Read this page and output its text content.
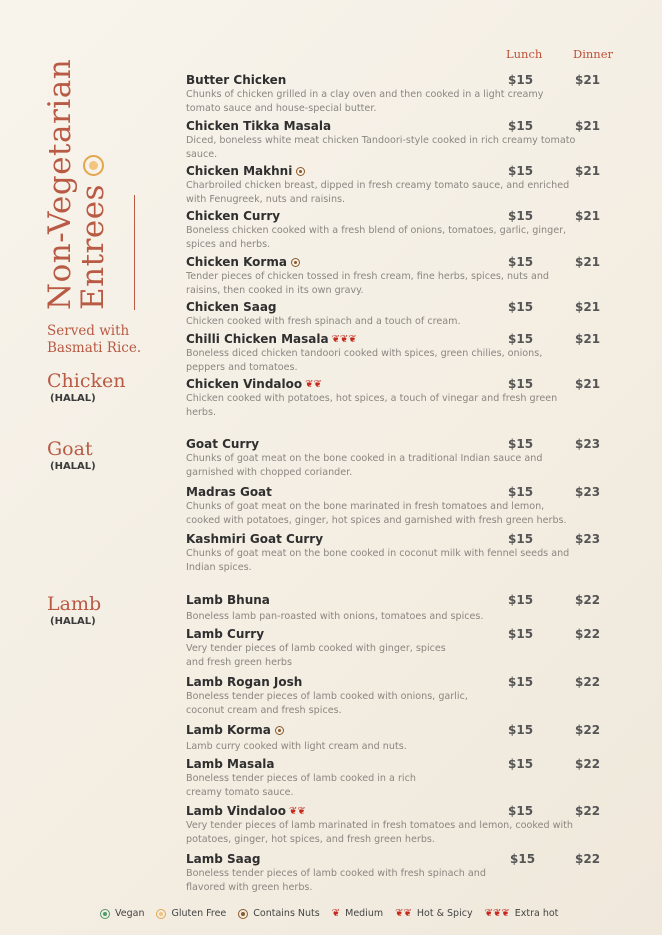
Non-Vegetarian
Entrees
Served with Basmati Rice.
Chicken
(HALAL)
Goat
(HALAL)
Lamb
(HALAL)
Lunch	Dinner
Butter Chicken
Chunks of chicken grilled in a clay oven and then cooked in a light creamy tomato sauce and house-special butter.
$15	$21
Chicken Tikka Masala
Diced, boneless white meat chicken Tandoori-style cooked in rich creamy tomato sauce.
$15	$21
Chicken Makhni
Charbroiled chicken breast, dipped in fresh creamy tomato sauce, and enriched with Fenugreek, nuts and raisins.
$15	$21
Chicken Curry
Boneless chicken cooked with a fresh blend of onions, tomatoes, garlic, ginger, spices and herbs.
$15	$21
Chicken Korma
Tender pieces of chicken tossed in fresh cream, fine herbs, spices, nuts and raisins, then cooked in its own gravy.
$15	$21
Chicken Saag
Chicken cooked with fresh spinach and a touch of cream.
$15	$21
Chilli Chicken Masala ❦❦❦
Boneless diced chicken tandoori cooked with spices, green chilies, onions, peppers and tomatoes.
$15	$21
Chicken Vindaloo ❦❦
Chicken cooked with potatoes, hot spices, a touch of vinegar and fresh green herbs.
$15	$21
Goat Curry
Chunks of goat meat on the bone cooked in a traditional Indian sauce and garnished with chopped coriander.
$15	$23
Madras Goat
Chunks of goat meat on the bone marinated in fresh tomatoes and lemon, cooked with potatoes, ginger, hot spices and garnished with fresh green herbs.
$15	$23
Kashmiri Goat Curry
Chunks of goat meat on the bone cooked in coconut milk with fennel seeds and Indian spices.
$15	$23
Lamb Bhuna
Boneless lamb pan-roasted with onions, tomatoes and spices.
$15	$22
Lamb Curry
Very tender pieces of lamb cooked with ginger, spices and fresh green herbs
$15	$22
Lamb Rogan Josh
Boneless tender pieces of lamb cooked with onions, garlic, coconut cream and fresh spices.
$15	$22
Lamb Korma
Lamb curry cooked with light cream and nuts.
$15	$22
Lamb Masala
Boneless tender pieces of lamb cooked in a rich creamy tomato sauce.
$15	$22
Lamb Vindaloo ❦❦
Very tender pieces of lamb marinated in fresh tomatoes and lemon, cooked with potatoes, ginger, hot spices, and fresh green herbs.
$15	$22
Lamb Saag
Boneless tender pieces of lamb cooked with fresh spinach and flavored with green herbs.
$15	$22
Vegan	Gluten Free	Contains Nuts ❦ Medium ❦❦ Hot & Spicy ❦❦❦ Extra hot
